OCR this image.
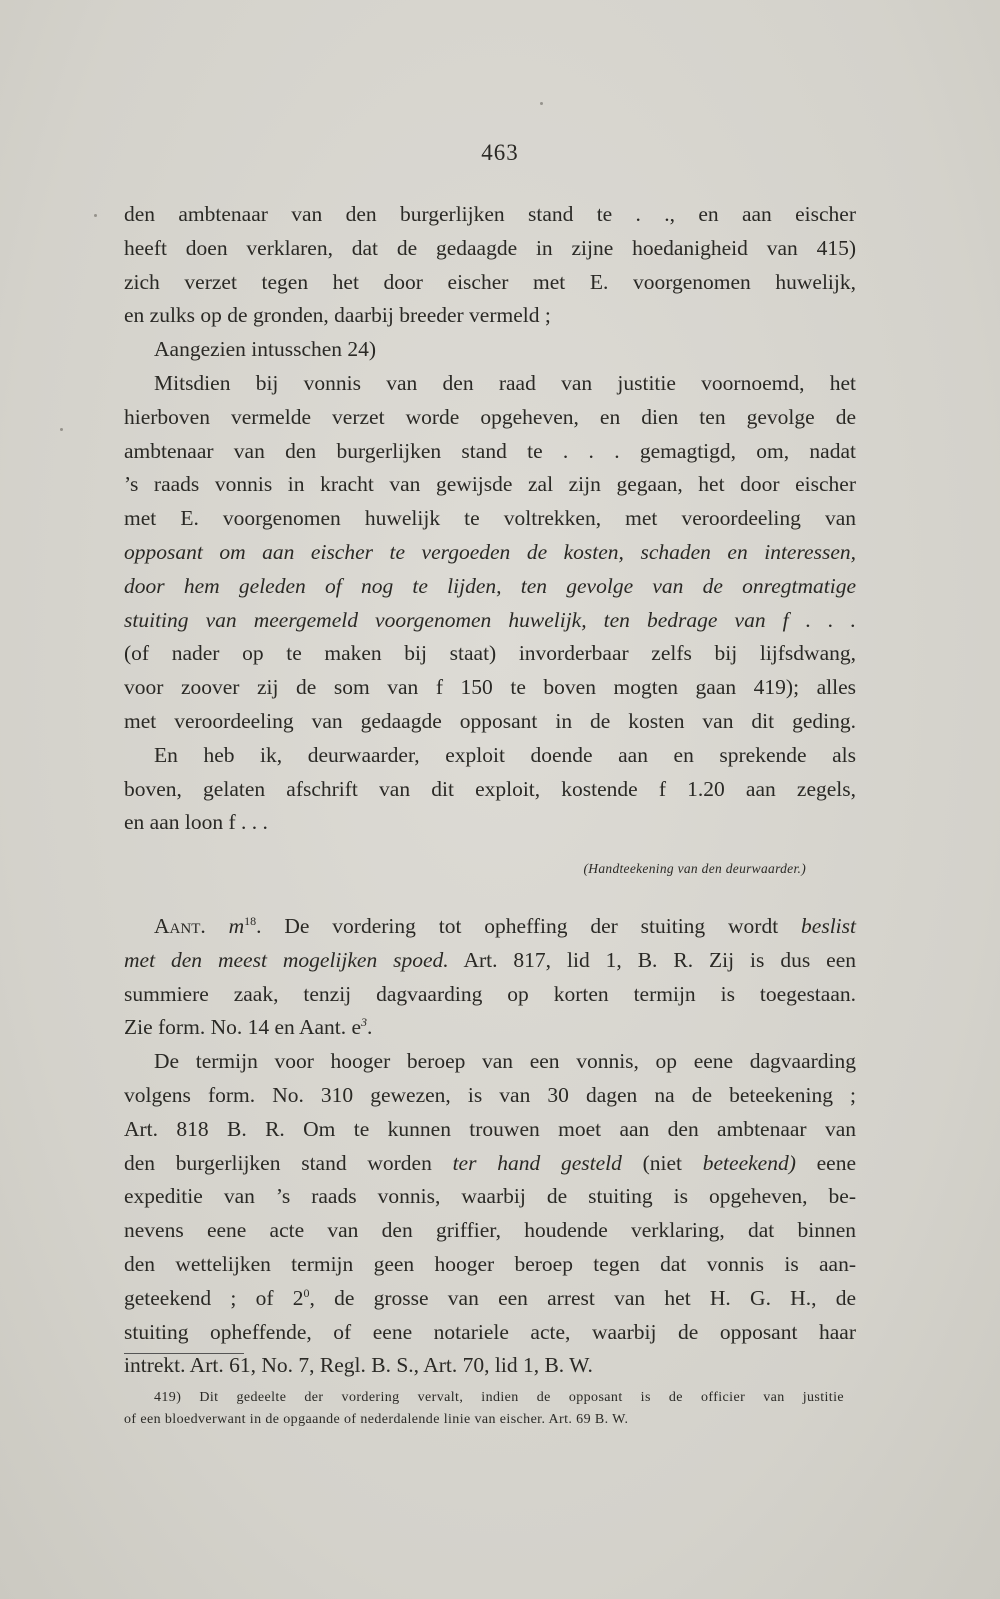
463
den ambtenaar van den burgerlijken stand te . ., en aan eischer
heeft doen verklaren, dat de gedaagde in zijne hoedanigheid van 415)
zich verzet tegen het door eischer met E. voorgenomen huwelijk,
en zulks op de gronden, daarbij breeder vermeld ;
Aangezien intusschen 24)
Mitsdien bij vonnis van den raad van justitie voornoemd, het
hierboven vermelde verzet worde opgeheven, en dien ten gevolge de
ambtenaar van den burgerlijken stand te . . . gemagtigd, om, nadat
’s raads vonnis in kracht van gewijsde zal zijn gegaan, het door eischer
met E. voorgenomen huwelijk te voltrekken, met veroordeeling van
opposant om aan eischer te vergoeden de kosten, schaden en interessen,
door hem geleden of nog te lijden, ten gevolge van de onregtmatige
stuiting van meergemeld voorgenomen huwelijk, ten bedrage van f . . .
(of nader op te maken bij staat) invorderbaar zelfs bij lijfsdwang,
voor zoover zij de som van f 150 te boven mogten gaan 419); alles
met veroordeeling van gedaagde opposant in de kosten van dit geding.
En heb ik, deurwaarder, exploit doende aan en sprekende als
boven, gelaten afschrift van dit exploit, kostende f 1.20 aan zegels,
en aan loon f . . .
(Handteekening van den deurwaarder.)
Aant. $m^{18}$. De vordering tot opheffing der stuiting wordt beslist
met den meest mogelijken spoed. Art. 817, lid 1, B. R. Zij is dus een
summiere zaak, tenzij dagvaarding op korten termijn is toegestaan.
Zie form. No. 14 en Aant. $e^3$.
De termijn voor hooger beroep van een vonnis, op eene dagvaarding
volgens form. No. 310 gewezen, is van 30 dagen na de beteekening ;
Art. 818 B. R. Om te kunnen trouwen moet aan den ambtenaar van
den burgerlijken stand worden ter hand gesteld (niet beteekend) eene
expeditie van ’s raads vonnis, waarbij de stuiting is opgeheven, be-
nevens eene acte van den griffier, houdende verklaring, dat binnen
den wettelijken termijn geen hooger beroep tegen dat vonnis is aan-
geteekend ; of $2^0$, de grosse van een arrest van het H. G. H., de
stuiting opheffende, of eene notariele acte, waarbij de opposant haar
intrekt. Art. 61, No. 7, Regl. B. S., Art. 70, lid 1, B. W.
419) Dit gedeelte der vordering vervalt, indien de opposant is de officier van justitie
of een bloedverwant in de opgaande of nederdalende linie van eischer. Art. 69 B. W.
